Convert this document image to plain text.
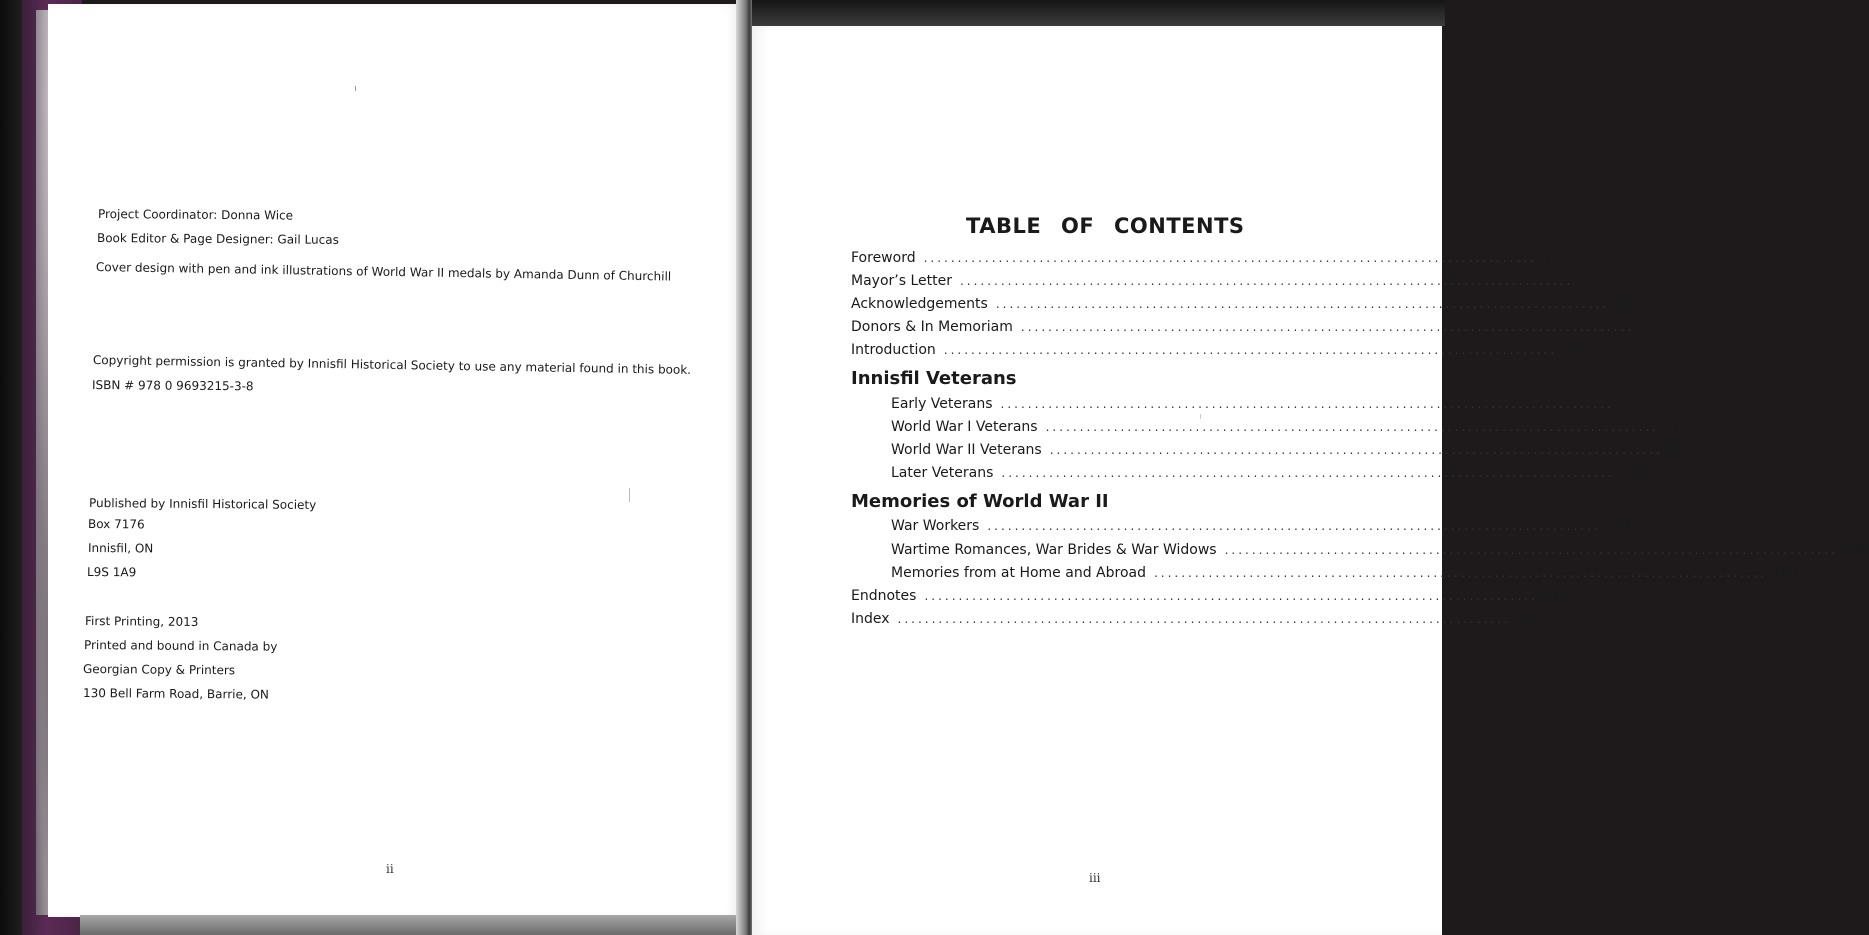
Project Coordinator: Donna Wice
Book Editor & Page Designer: Gail Lucas
Cover design with pen and ink illustrations of World War II medals by Amanda Dunn of Churchill
Copyright permission is granted by Innisfil Historical Society to use any material found in this book.
ISBN # 978 0 9693215-3-8
Published by Innisfil Historical Society
Box 7176
Innisfil, ON
L9S 1A9
First Printing, 2013
Printed and bound in Canada by
Georgian Copy & Printers
130 Bell Farm Road, Barrie, ON
ii
TABLE OF CONTENTS
Foreword .......................................................................................... iv
Mayor’s Letter .......................................................................................... v
Acknowledgements .......................................................................................... vii
Donors & In Memoriam .......................................................................................... viii
Introduction .......................................................................................... x
Innisfil Veterans
Early Veterans .......................................................................................... 2
World War I Veterans .......................................................................................... 7
World War II Veterans .......................................................................................... 57
Later Veterans .......................................................................................... 249
Memories of World War II
War Workers .......................................................................................... 397
Wartime Romances, War Brides & War Widows .......................................................................................... 400
Memories from at Home and Abroad .......................................................................................... 409
Endnotes .......................................................................................... 435
Index .......................................................................................... 439
iii
